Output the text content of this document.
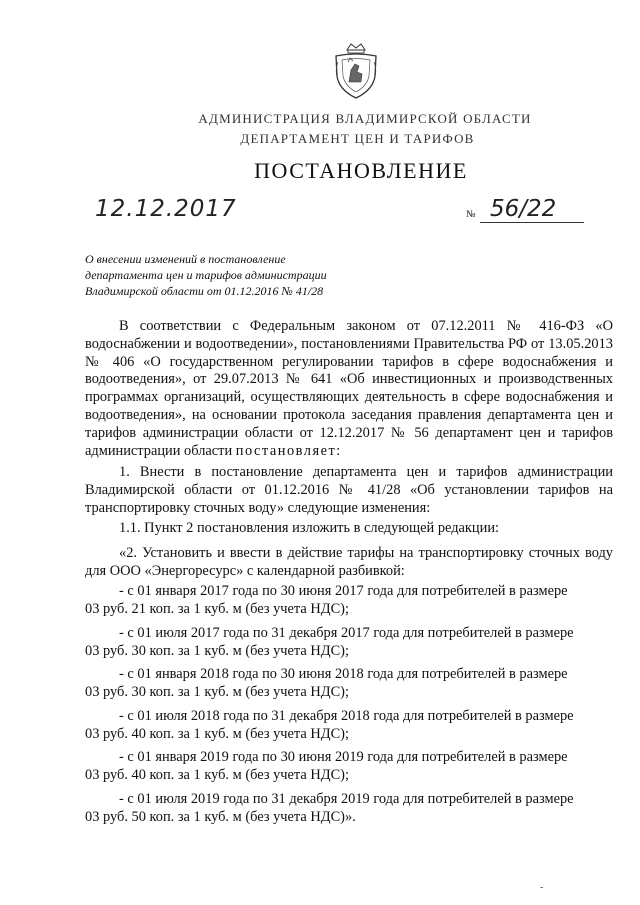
АДМИНИСТРАЦИЯ ВЛАДИМИРСКОЙ ОБЛАСТИ
ДЕПАРТАМЕНТ ЦЕН И ТАРИФОВ
ПОСТАНОВЛЕНИЕ
12.12.2017	№ 56/22
О внесении изменений в постановление
департамента цен и тарифов администрации
Владимирской области от 01.12.2016 № 41/28
В соответствии с Федеральным законом от 07.12.2011 № 416-ФЗ «О водоснабжении и водоотведении», постановлениями Правительства РФ от 13.05.2013 № 406 «О государственном регулировании тарифов в сфере водоснабжения и водоотведения», от 29.07.2013 № 641 «Об инвестиционных и производственных программах организаций, осуществляющих деятельность в сфере водоснабжения и водоотведения», на основании протокола заседания правления департамента цен и тарифов администрации области от 12.12.2017 № 56 департамент цен и тарифов администрации области постановляет:
1. Внести в постановление департамента цен и тарифов администрации Владимирской области от 01.12.2016 № 41/28 «Об установлении тарифов на транспортировку сточных воду» следующие изменения:
1.1. Пункт 2 постановления изложить в следующей редакции:
«2. Установить и ввести в действие тарифы на транспортировку сточных воду для ООО «Энергоресурс» с календарной разбивкой:
- с 01 января 2017 года по 30 июня 2017 года для потребителей в размере
03 руб. 21 коп. за 1 куб. м (без учета НДС);
- с 01 июля 2017 года по 31 декабря 2017 года для потребителей в размере
03 руб. 30 коп. за 1 куб. м (без учета НДС);
- с 01 января 2018 года по 30 июня 2018 года для потребителей в размере
03 руб. 30 коп. за 1 куб. м (без учета НДС);
- с 01 июля 2018 года по 31 декабря 2018 года для потребителей в размере
03 руб. 40 коп. за 1 куб. м (без учета НДС);
- с 01 января 2019 года по 30 июня 2019 года для потребителей в размере
03 руб. 40 коп. за 1 куб. м (без учета НДС);
- с 01 июля 2019 года по 31 декабря 2019 года для потребителей в размере
03 руб. 50 коп. за 1 куб. м (без учета НДС)».
-
